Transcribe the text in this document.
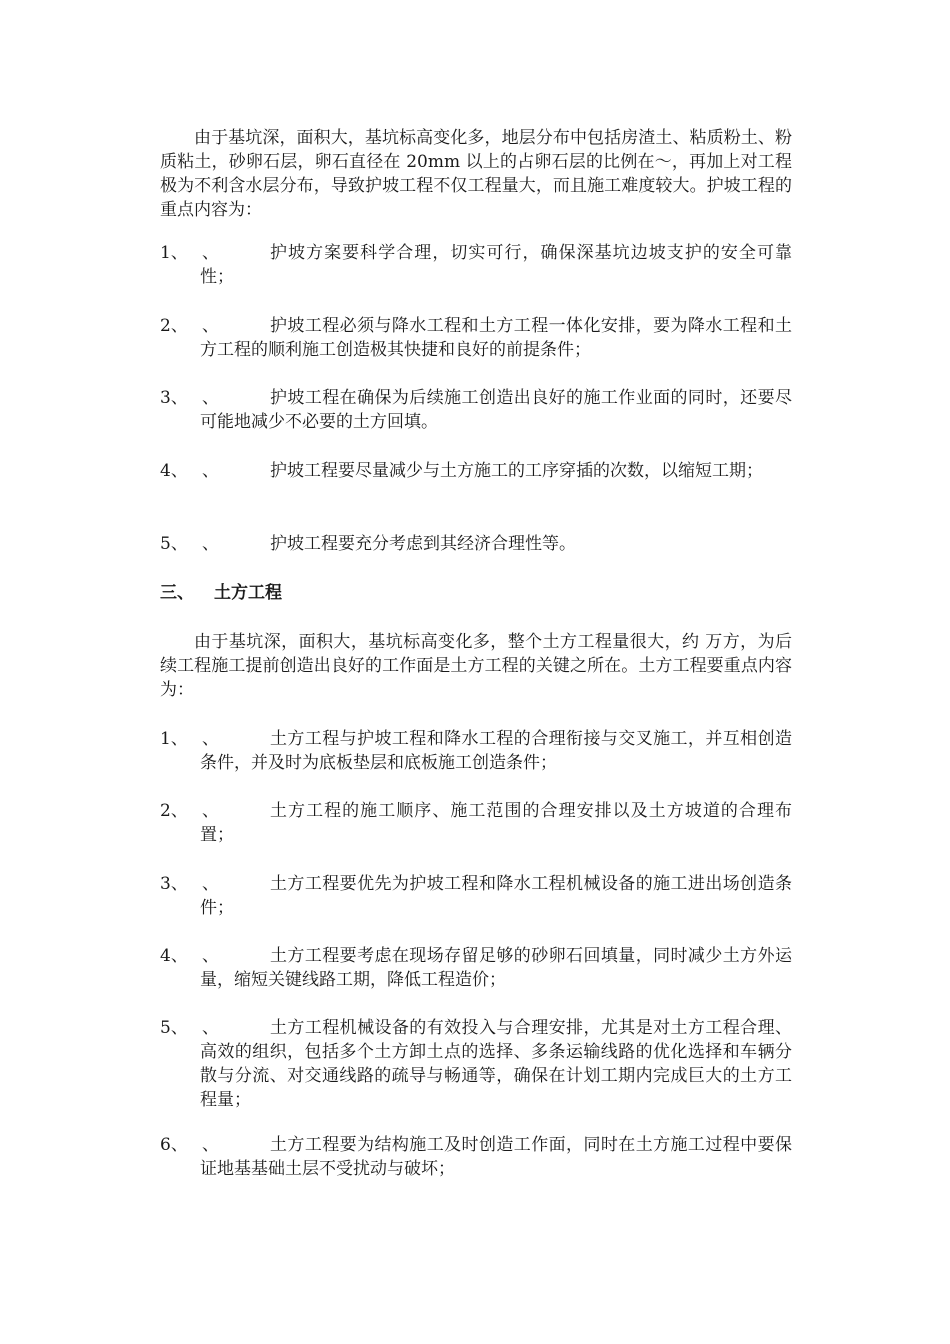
由于基坑深，面积大，基坑标高变化多，地层分布中包括房渣土、粘质粉土、粉质粘土，砂卵石层，卵石直径在 20mm 以上的占卵石层的比例在～，再加上对工程极为不利含水层分布，导致护坡工程不仅工程量大，而且施工难度较大。护坡工程的重点内容为：

1、 、	护坡方案要科学合理，切实可行，确保深基坑边坡支护的安全可靠性；
2、 、	护坡工程必须与降水工程和土方工程一体化安排，要为降水工程和土方工程的顺利施工创造极其快捷和良好的前提条件；
3、 、	护坡工程在确保为后续施工创造出良好的施工作业面的同时，还要尽可能地减少不必要的土方回填。
4、 、	护坡工程要尽量减少与土方施工的工序穿插的次数，以缩短工期；
5、 、	护坡工程要充分考虑到其经济合理性等。
三、 土方工程

由于基坑深，面积大，基坑标高变化多，整个土方工程量很大，约 万方，为后续工程施工提前创造出良好的工作面是土方工程的关键之所在。土方工程要重点内容为：

1、 、	土方工程与护坡工程和降水工程的合理衔接与交叉施工，并互相创造条件，并及时为底板垫层和底板施工创造条件；
2、 、	土方工程的施工顺序、施工范围的合理安排以及土方坡道的合理布置；
3、 、	土方工程要优先为护坡工程和降水工程机械设备的施工进出场创造条件；
4、 、	土方工程要考虑在现场存留足够的砂卵石回填量，同时减少土方外运量，缩短关键线路工期，降低工程造价；
5、 、	土方工程机械设备的有效投入与合理安排，尤其是对土方工程合理、高效的组织，包括多个土方卸土点的选择、多条运输线路的优化选择和车辆分散与分流、对交通线路的疏导与畅通等，确保在计划工期内完成巨大的土方工程量；
6、 、	土方工程要为结构施工及时创造工作面，同时在土方施工过程中要保证地基基础土层不受扰动与破坏；
